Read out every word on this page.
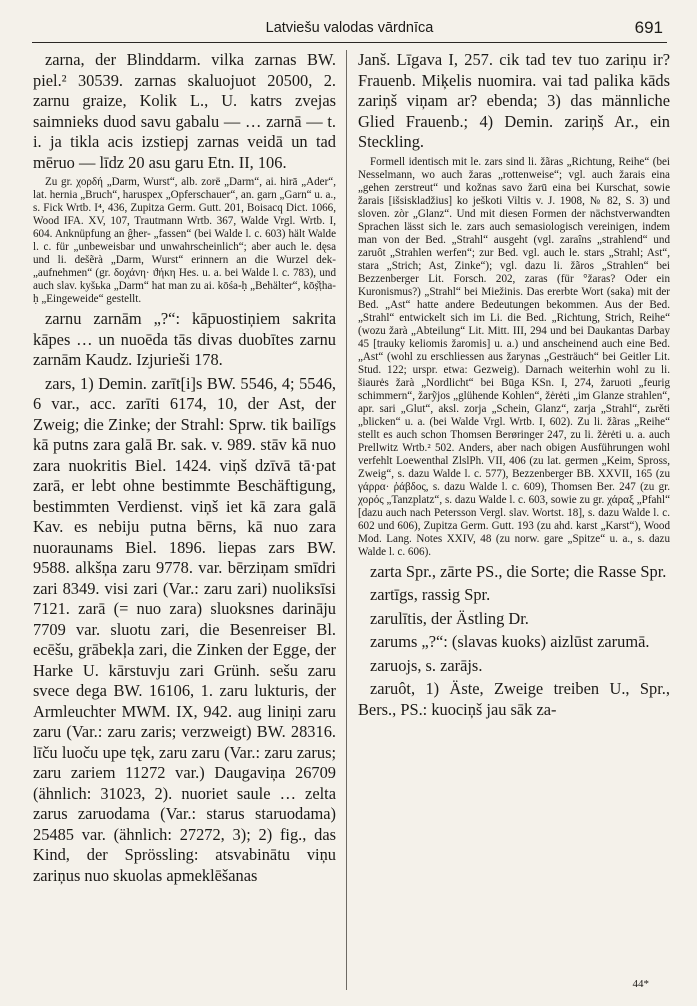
Latviešu valodas vārdnīca	691

zarna, der Blinddarm. vilka zarnas BW. piel.² 30539. zarnas skaluojuot 20500, 2. zarnu graize, Kolik L., U. katrs zvejas saimnieks duod savu gabalu — … zarnā — t. i. ja tikla acis izstiepj zarnas veidā un tad mēruo — līdz 20 asu garu Etn. II, 106.

Zu gr. χορδή „Darm, Wurst“, alb. zorë „Darm“, ai. hirā „Ader“, lat. hernia „Bruch“, haruspex „Opferschauer“, an. garn „Garn“ u. a., s. Fick Wrtb. I⁴, 436, Zupitza Germ. Gutt. 201, Boisacq Dict. 1066, Wood IFA. XV, 107, Trautmann Wrtb. 367, Walde Vrgl. Wrtb. I, 604. Anknüpfung an ĝher- „fassen“ (bei Walde l. c. 603) hält Walde l. c. für „unbeweisbar und unwahrscheinlich“; aber auch le. dęsa und li. dešẽrà „Darm, Wurst“ erinnern an die Wurzel dek- „aufnehmen“ (gr. δοχάνη· ϑήκη Hes. u. a. bei Walde l. c. 783), und auch slav. kyšьka „Darm“ hat man zu ai. kōśa-ḥ „Behälter“, kōṣ̌ṭha-ḥ „Eingeweide“ gestellt.

zarnu zarnām „?“: kāpuostiņiem sakrita kāpes … un nuoēda tās divas duobītes zarnu zarnām Kaudz. Izjurieši 178.

zars, 1) Demin. zarīt[i]s BW. 5546, 4; 5546, 6 var., acc. zarīti 6174, 10, der Ast, der Zweig; die Zinke; der Strahl: Sprw. tik bailīgs kā putns zara galā Br. sak. v. 989. stāv kā nuo zara nuokritis Biel. 1424. viņš dzīvā tā·pat zarā, er lebt ohne bestimmte Beschäftigung, bestimmten Verdienst. viņš iet kā zara galā Kav. es nebiju putna bērns, kā nuo zara nuoraunams Biel. 1896. liepas zars BW. 9588. alkšņa zaru 9778. var. bērziņam smīdri zari 8349. visi zari (Var.: zaru zari) nuoliksīsi 7121. zarā (= nuo zara) sluoksnes darināju 7709 var. sluotu zari, die Besenreiser Bl. ecēšu, grābekļa zari, die Zinken der Egge, der Harke U. kārstuvju zari Grünh. sešu zaru svece dega BW. 16106, 1. zaru lukturis, der Armleuchter MWM. IX, 942. aug liniņi zaru zaru (Var.: zaru zaris; verzweigt) BW. 28316. līču luoču upe tęk, zaru zaru (Var.: zaru zarus; zaru zariem 11272 var.) Daugaviņa 26709 (ähnlich: 31023, 2). nuoriet saule … zelta zarus zaruodama (Var.: starus staruodama) 25485 var. (ähnlich: 27272, 3); 2) fig., das Kind, der Sprössling: atsvabinātu viņu zariņus nuo skuolas apmeklēšanas

Janš. Līgava I, 257. cik tad tev tuo zariņu ir? Frauenb. Miķelis nuomira. vai tad palika kāds zariņš viņam ar? ebenda; 3) das männliche Glied Frauenb.; 4) Demin. zariņš Ar., ein Steckling.

Formell identisch mit le. zars sind li. žãras „Richtung, Reihe“ (bei Nesselmann, wo auch žaras „rottenweise“; vgl. auch žarais eina „gehen zerstreut“ und kožnas savo žarū eina bei Kurschat, sowie žarais [išsiskladžius] ko ješkoti Viltis v. J. 1908, № 82, S. 3) und sloven. zòr „Glanz“. Und mit diesen Formen der nächstverwandten Sprachen lässt sich le. zars auch semasiologisch vereinigen, indem man von der Bed. „Strahl“ ausgeht (vgl. zaraîns „strahlend“ und zaruôt „Strahlen werfen“; zur Bed. vgl. auch le. stars „Strahl; Ast“, stara „Strich; Ast, Zinke“); vgl. dazu li. žãros „Strahlen“ bei Bezzenberger Lit. Forsch. 202, zaras (für °žaras? Oder ein Kuronismus?) „Strahl“ bei Miežinis. Das ererbte Wort (saka) mit der Bed. „Ast“ hatte andere Bedeutungen bekommen. Aus der Bed. „Strahl“ entwickelt sich im Li. die Bed. „Richtung, Strich, Reihe“ (wozu žarà „Abteilung“ Lit. Mitt. III, 294 und bei Daukantas Darbay 45 [trauky keliomis žaromis] u. a.) und anscheinend auch eine Bed. „Ast“ (wohl zu erschliessen aus žarynas „Gesträuch“ bei Geitler Lit. Stud. 122; urspr. etwa: Gezweig). Darnach weiterhin wohl zu li. šiaurės žarà „Nordlicht“ bei Būga KSn. I, 274, žaruoti „feurig schimmern“, žarỹjos „glühende Kohlen“, žėrėti „im Glanze strahlen“, apr. sari „Glut“, aksl. zorja „Schein, Glanz“, zarja „Strahl“, zьrěti „blicken“ u. a. (bei Walde Vrgl. Wrtb. I, 602). Zu li. žãras „Reihe“ stellt es auch schon Thomsen Berøringer 247, zu li. žėrėti u. a. auch Prellwitz Wrtb.² 502. Anders, aber nach obigen Ausführungen wohl verfehlt Loewenthal ZlslPh. VII, 406 (zu lat. germen „Keim, Spross, Zweig“, s. dazu Walde l. c. 577), Bezzenberger BB. XXVII, 165 (zu γάρρα· ῥάβδος, s. dazu Walde l. c. 609), Thomsen Ber. 247 (zu gr. χορός „Tanzplatz“, s. dazu Walde l. c. 603, sowie zu gr. χάραξ „Pfahl“ [dazu auch nach Petersson Vergl. slav. Wortst. 18], s. dazu Walde l. c. 602 und 606), Zupitza Germ. Gutt. 193 (zu ahd. karst „Karst“), Wood Mod. Lang. Notes XXIV, 48 (zu norw. gare „Spitze“ u. a., s. dazu Walde l. c. 606).

zarta Spr., zārte PS., die Sorte; die Rasse Spr.

zartīgs, rassig Spr.

zarulītis, der Ästling Dr.

zarums „?“: (slavas kuoks) aizlūst zarumā.

zaruojs, s. zarājs.

zaruôt, 1) Äste, Zweige treiben U., Spr., Bers., PS.: kuociņš jau sāk za-

44*
